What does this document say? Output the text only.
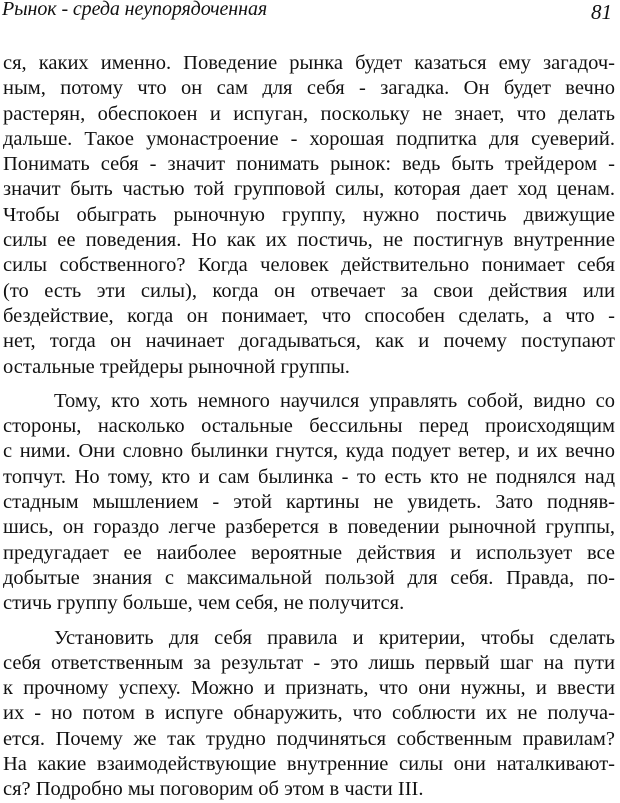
Рынок - среда неупорядоченная	81
ся, каких именно. Поведение рынка будет казаться ему загадоч-
ным, потому что он сам для себя - загадка. Он будет вечно
растерян, обеспокоен и испуган, поскольку не знает, что делать
дальше. Такое умонастроение - хорошая подпитка для суеверий.
Понимать себя - значит понимать рынок: ведь быть трейдером -
значит быть частью той групповой силы, которая дает ход ценам.
Чтобы обыграть рыночную группу, нужно постичь движущие
силы ее поведения. Но как их постичь, не постигнув внутренние
силы собственного? Когда человек действительно понимает себя
(то есть эти силы), когда он отвечает за свои действия или
бездействие, когда он понимает, что способен сделать, а что -
нет, тогда он начинает догадываться, как и почему поступают
остальные трейдеры рыночной группы.
Тому, кто хоть немного научился управлять собой, видно со
стороны, насколько остальные бессильны перед происходящим
с ними. Они словно былинки гнутся, куда подует ветер, и их вечно
топчут. Но тому, кто и сам былинка - то есть кто не поднялся над
стадным мышлением - этой картины не увидеть. Зато подняв-
шись, он гораздо легче разберется в поведении рыночной группы,
предугадает ее наиболее вероятные действия и использует все
добытые знания с максимальной пользой для себя. Правда, по-
стичь группу больше, чем себя, не получится.
Установить для себя правила и критерии, чтобы сделать
себя ответственным за результат - это лишь первый шаг на пути
к прочному успеху. Можно и признать, что они нужны, и ввести
их - но потом в испуге обнаружить, что соблюсти их не получа-
ется. Почему же так трудно подчиняться собственным правилам?
На какие взаимодействующие внутренние силы они наталкивают-
ся? Подробно мы поговорим об этом в части III.
